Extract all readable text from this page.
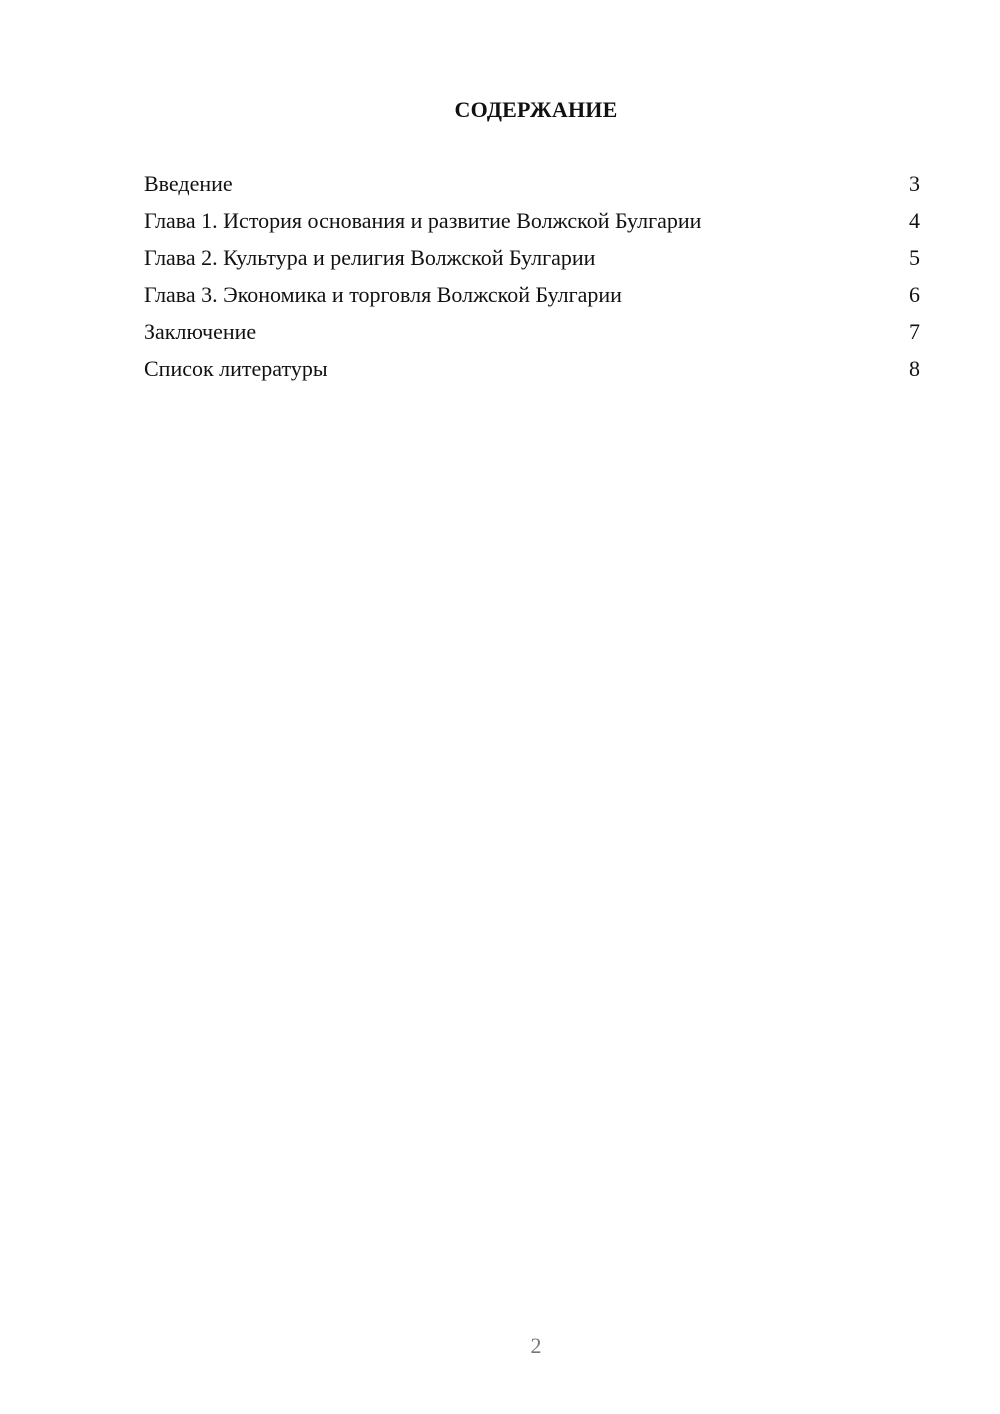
СОДЕРЖАНИЕ
Введение	3
Глава 1. История основания и развитие Волжской Булгарии	4
Глава 2. Культура и религия Волжской Булгарии	5
Глава 3. Экономика и торговля Волжской Булгарии	6
Заключение	7
Список литературы	8
2
